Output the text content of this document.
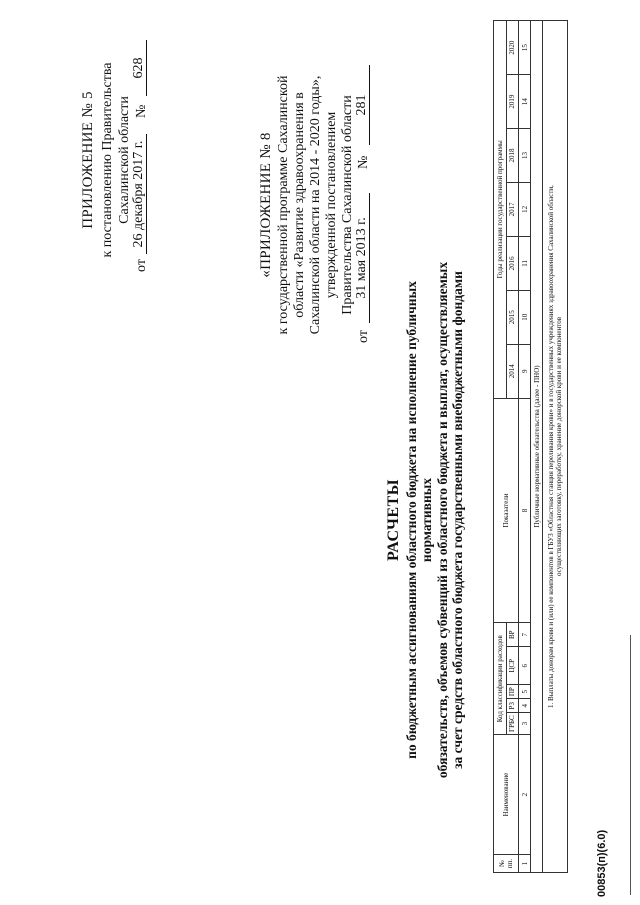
ПРИЛОЖЕНИЕ № 5 к постановлению Правительства Сахалинской области
от
26 декабря 2017 г.
№
628
«ПРИЛОЖЕНИЕ № 8 к государственной программе Сахалинской области «Развитие здравоохранения в Сахалинской области на 2014 - 2020 годы», утвержденной постановлением Правительства Сахалинской области
от
31 мая 2013 г.
№
281
РАСЧЕТЫ по бюджетным ассигнованиям областного бюджета на исполнение публичных нормативных обязательств, объемов субвенций из областного бюджета и выплат, осуществляемых за счет средств областного бюджета государственными внебюджетными фондами
№ пп.	Наименование	Код классификации расходов					Показатели	Годы реализации государственной программы						
		ГРБС	РЗ	ПР	ЦСР	ВР		2014	2015	2016	2017	2018	2019	2020
1	2	3	4	5	6	7	8	9	10	11	12	13	14	15
Публичные нормативные обязательства (далее - ПНО)														

1. Выплаты донорам крови и (или) ее компонентов в ГБУЗ «Областная станция переливания крови» и в государственных учреждениях здравоохранения Сахалинской области, осуществляющих заготовку, переработку, хранение донорской крови и ее компонентов														
00853(п)(6.0)
